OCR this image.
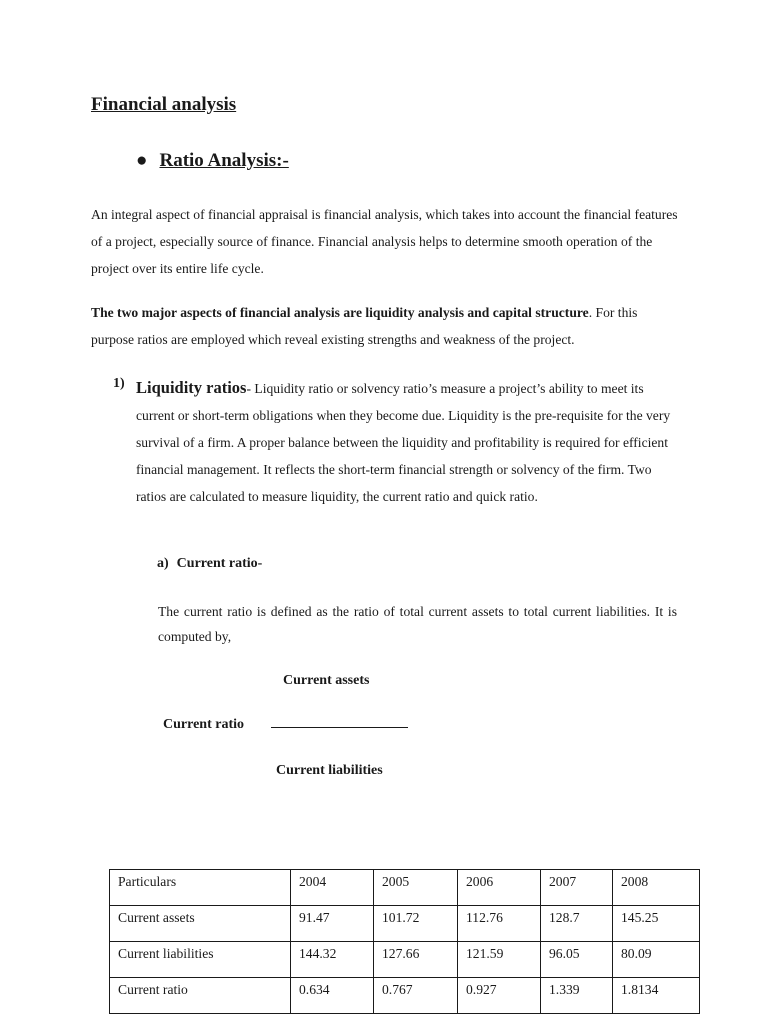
Financial analysis
● Ratio Analysis:-
An integral aspect of financial appraisal is financial analysis, which takes into account the financial features of a project, especially source of finance. Financial analysis helps to determine smooth operation of the project over its entire life cycle.
The two major aspects of financial analysis are liquidity analysis and capital structure. For this purpose ratios are employed which reveal existing strengths and weakness of the project.
1) Liquidity ratios- Liquidity ratio or solvency ratio’s measure a project’s ability to meet its current or short-term obligations when they become due. Liquidity is the pre-requisite for the very survival of a firm. A proper balance between the liquidity and profitability is required for efficient financial management. It reflects the short-term financial strength or solvency of the firm. Two ratios are calculated to measure liquidity, the current ratio and quick ratio.
a) Current ratio-
The current ratio is defined as the ratio of total current assets to total current liabilities. It is computed by,
Current assets
Current ratio
Current liabilities
Particulars	2004	2005	2006	2007	2008
Current assets	91.47	101.72	112.76	128.7	145.25
Current liabilities	144.32	127.66	121.59	96.05	80.09
Current ratio	0.634	0.767	0.927	1.339	1.8134
